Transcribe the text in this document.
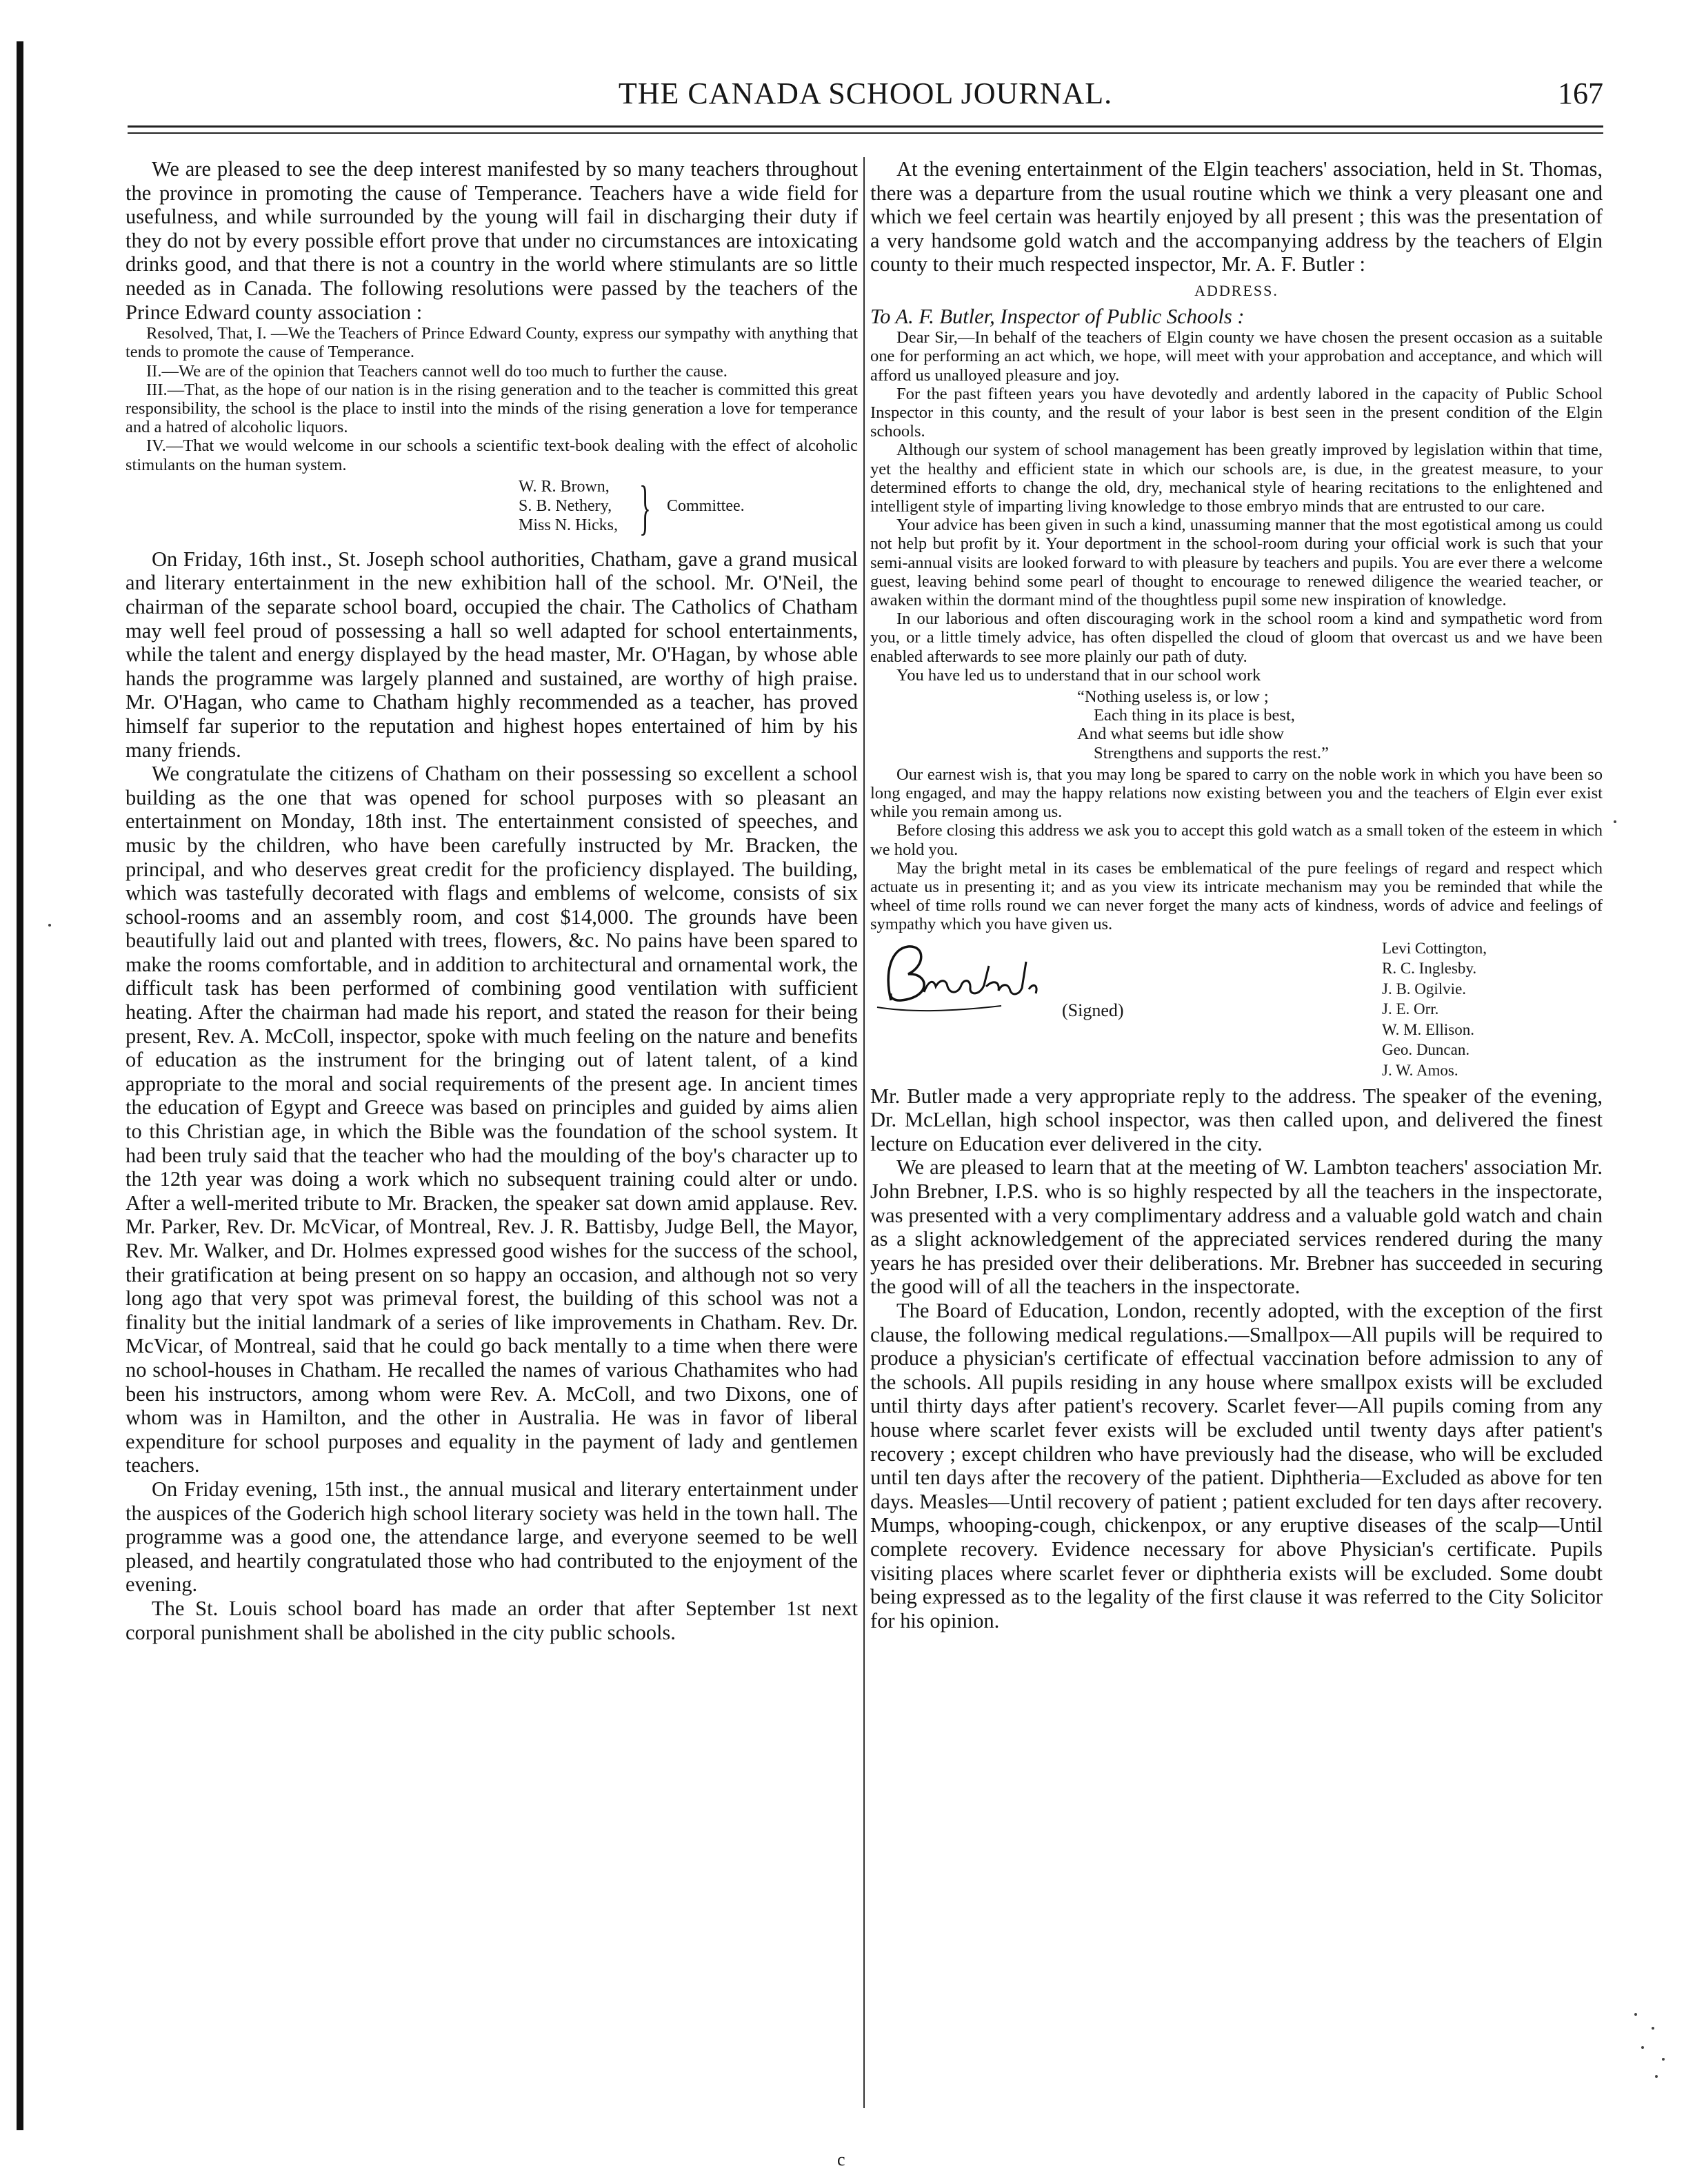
THE CANADA SCHOOL JOURNAL.	167

We are pleased to see the deep interest manifested by so many teachers throughout the province in promoting the cause of Temperance. Teachers have a wide field for usefulness, and while surrounded by the young will fail in discharging their duty if they do not by every possible effort prove that under no circumstances are intoxicating drinks good, and that there is not a country in the world where stimulants are so little needed as in Canada. The following resolutions were passed by the teachers of the Prince Edward county association :

Resolved, That, I. —We the Teachers of Prince Edward County, express our sympathy with anything that tends to promote the cause of Temperance.

II.—We are of the opinion that Teachers cannot well do too much to further the cause.

III.—That, as the hope of our nation is in the rising generation and to the teacher is committed this great responsibility, the school is the place to instil into the minds of the rising generation a love for temperance and a hatred of alcoholic liquors.

IV.—That we would welcome in our schools a scientific text-book dealing with the effect of alcoholic stimulants on the human system.

W. R. Brown,
S. B. Nethery,
Miss N. Hicks, } Committee.

On Friday, 16th inst., St. Joseph school authorities, Chatham, gave a grand musical and literary entertainment in the new exhibition hall of the school. Mr. O'Neil, the chairman of the separate school board, occupied the chair. The Catholics of Chatham may well feel proud of possessing a hall so well adapted for school entertainments, while the talent and energy displayed by the head master, Mr. O'Hagan, by whose able hands the programme was largely planned and sustained, are worthy of high praise. Mr. O'Hagan, who came to Chatham highly recommended as a teacher, has proved himself far superior to the reputation and highest hopes entertained of him by his many friends.

We congratulate the citizens of Chatham on their possessing so excellent a school building as the one that was opened for school purposes with so pleasant an entertainment on Monday, 18th inst. The entertainment consisted of speeches, and music by the children, who have been carefully instructed by Mr. Bracken, the principal, and who deserves great credit for the proficiency displayed. The building, which was tastefully decorated with flags and emblems of welcome, consists of six school-rooms and an assembly room, and cost $14,000. The grounds have been beautifully laid out and planted with trees, flowers, &c. No pains have been spared to make the rooms comfortable, and in addition to architectural and ornamental work, the difficult task has been performed of combining good ventilation with sufficient heating. After the chairman had made his report, and stated the reason for their being present, Rev. A. McColl, inspector, spoke with much feeling on the nature and benefits of education as the instrument for the bringing out of latent talent, of a kind appropriate to the moral and social requirements of the present age. In ancient times the education of Egypt and Greece was based on principles and guided by aims alien to this Christian age, in which the Bible was the foundation of the school system. It had been truly said that the teacher who had the moulding of the boy's character up to the 12th year was doing a work which no subsequent training could alter or undo. After a well-merited tribute to Mr. Bracken, the speaker sat down amid applause. Rev. Mr. Parker, Rev. Dr. McVicar, of Montreal, Rev. J. R. Battisby, Judge Bell, the Mayor, Rev. Mr. Walker, and Dr. Holmes expressed good wishes for the success of the school, their gratification at being present on so happy an occasion, and although not so very long ago that very spot was primeval forest, the building of this school was not a finality but the initial landmark of a series of like improvements in Chatham. Rev. Dr. McVicar, of Montreal, said that he could go back mentally to a time when there were no school-houses in Chatham. He recalled the names of various Chathamites who had been his instructors, among whom were Rev. A. McColl, and two Dixons, one of whom was in Hamilton, and the other in Australia. He was in favor of liberal expenditure for school purposes and equality in the payment of lady and gentlemen teachers.

On Friday evening, 15th inst., the annual musical and literary entertainment under the auspices of the Goderich high school literary society was held in the town hall. The programme was a good one, the attendance large, and everyone seemed to be well pleased, and heartily congratulated those who had contributed to the enjoyment of the evening.

The St. Louis school board has made an order that after September 1st next corporal punishment shall be abolished in the city public schools.

At the evening entertainment of the Elgin teachers' association, held in St. Thomas, there was a departure from the usual routine which we think a very pleasant one and which we feel certain was heartily enjoyed by all present ; this was the presentation of a very handsome gold watch and the accompanying address by the teachers of Elgin county to their much respected inspector, Mr. A. F. Butler :

ADDRESS.

To A. F. Butler, Inspector of Public Schools :

Dear Sir,—In behalf of the teachers of Elgin county we have chosen the present occasion as a suitable one for performing an act which, we hope, will meet with your approbation and acceptance, and which will afford us unalloyed pleasure and joy.

For the past fifteen years you have devotedly and ardently labored in the capacity of Public School Inspector in this county, and the result of your labor is best seen in the present condition of the Elgin schools.

Although our system of school management has been greatly improved by legislation within that time, yet the healthy and efficient state in which our schools are, is due, in the greatest measure, to your determined efforts to change the old, dry, mechanical style of hearing recitations to the enlightened and intelligent style of imparting living knowledge to those embryo minds that are entrusted to our care.

Your advice has been given in such a kind, unassuming manner that the most egotistical among us could not help but profit by it. Your deportment in the school-room during your official work is such that your semi-annual visits are looked forward to with pleasure by teachers and pupils. You are ever there a welcome guest, leaving behind some pearl of thought to encourage to renewed diligence the wearied teacher, or awaken within the dormant mind of the thoughtless pupil some new inspiration of knowledge.

In our laborious and often discouraging work in the school room a kind and sympathetic word from you, or a little timely advice, has often dispelled the cloud of gloom that overcast us and we have been enabled afterwards to see more plainly our path of duty.

You have led us to understand that in our school work

“Nothing useless is, or low ;
Each thing in its place is best,
And what seems but idle show
Strengthens and supports the rest.”

Our earnest wish is, that you may long be spared to carry on the noble work in which you have been so long engaged, and may the happy relations now existing between you and the teachers of Elgin ever exist while you remain among us.

Before closing this address we ask you to accept this gold watch as a small token of the esteem in which we hold you.

May the bright metal in its cases be emblematical of the pure feelings of regard and respect which actuate us in presenting it; and as you view its intricate mechanism may you be reminded that while the wheel of time rolls round we can never forget the many acts of kindness, words of advice and feelings of sympathy which you have given us.

(Signed)
Levi Cottington,
R. C. Inglesby.
J. B. Ogilvie.
J. E. Orr.
W. M. Ellison.
Geo. Duncan.
J. W. Amos.

Mr. Butler made a very appropriate reply to the address. The speaker of the evening, Dr. McLellan, high school inspector, was then called upon, and delivered the finest lecture on Education ever delivered in the city.

We are pleased to learn that at the meeting of W. Lambton teachers' association Mr. John Brebner, I.P.S. who is so highly respected by all the teachers in the inspectorate, was presented with a very complimentary address and a valuable gold watch and chain as a slight acknowledgement of the appreciated services rendered during the many years he has presided over their deliberations. Mr. Brebner has succeeded in securing the good will of all the teachers in the inspectorate.

The Board of Education, London, recently adopted, with the exception of the first clause, the following medical regulations.—Smallpox—All pupils will be required to produce a physician's certificate of effectual vaccination before admission to any of the schools. All pupils residing in any house where smallpox exists will be excluded until thirty days after patient's recovery. Scarlet fever—All pupils coming from any house where scarlet fever exists will be excluded until twenty days after patient's recovery ; except children who have previously had the disease, who will be excluded until ten days after the recovery of the patient. Diphtheria—Excluded as above for ten days. Measles—Until recovery of patient ; patient excluded for ten days after recovery. Mumps, whooping-cough, chickenpox, or any eruptive diseases of the scalp—Until complete recovery. Evidence necessary for above Physician's certificate. Pupils visiting places where scarlet fever or diphtheria exists will be excluded. Some doubt being expressed as to the legality of the first clause it was referred to the City Solicitor for his opinion.

c
